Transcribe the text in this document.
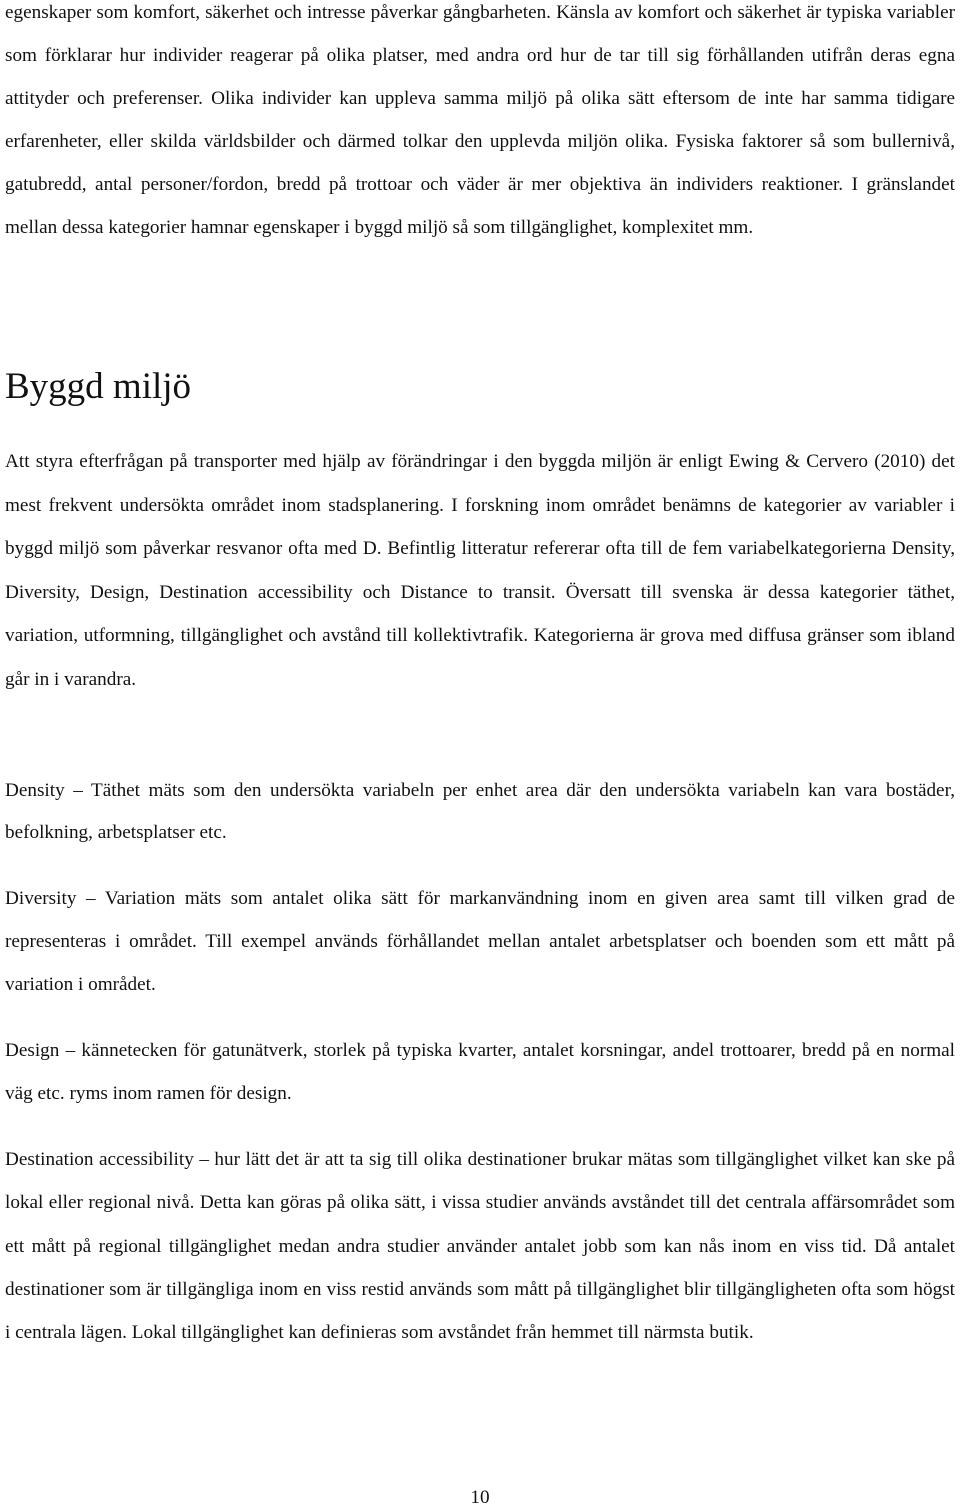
egenskaper som komfort, säkerhet och intresse påverkar gångbarheten. Känsla av komfort och säkerhet är typiska variabler som förklarar hur individer reagerar på olika platser, med andra ord hur de tar till sig förhållanden utifrån deras egna attityder och preferenser. Olika individer kan uppleva samma miljö på olika sätt eftersom de inte har samma tidigare erfarenheter, eller skilda världsbilder och därmed tolkar den upplevda miljön olika. Fysiska faktorer så som bullernivå, gatubredd, antal personer/fordon, bredd på trottoar och väder är mer objektiva än individers reaktioner. I gränslandet mellan dessa kategorier hamnar egenskaper i byggd miljö så som tillgänglighet, komplexitet mm.

Byggd miljö

Att styra efterfrågan på transporter med hjälp av förändringar i den byggda miljön är enligt Ewing & Cervero (2010) det mest frekvent undersökta området inom stadsplanering. I forskning inom området benämns de kategorier av variabler i byggd miljö som påverkar resvanor ofta med D. Befintlig litteratur refererar ofta till de fem variabelkategorierna Density, Diversity, Design, Destination accessibility och Distance to transit. Översatt till svenska är dessa kategorier täthet, variation, utformning, tillgänglighet och avstånd till kollektivtrafik. Kategorierna är grova med diffusa gränser som ibland går in i varandra.

Density – Täthet mäts som den undersökta variabeln per enhet area där den undersökta variabeln kan vara bostäder, befolkning, arbetsplatser etc.

Diversity – Variation mäts som antalet olika sätt för markanvändning inom en given area samt till vilken grad de representeras i området. Till exempel används förhållandet mellan antalet arbetsplatser och boenden som ett mått på variation i området.

Design – kännetecken för gatunätverk, storlek på typiska kvarter, antalet korsningar, andel trottoarer, bredd på en normal väg etc. ryms inom ramen för design.

Destination accessibility – hur lätt det är att ta sig till olika destinationer brukar mätas som tillgänglighet vilket kan ske på lokal eller regional nivå. Detta kan göras på olika sätt, i vissa studier används avståndet till det centrala affärsområdet som ett mått på regional tillgänglighet medan andra studier använder antalet jobb som kan nås inom en viss tid. Då antalet destinationer som är tillgängliga inom en viss restid används som mått på tillgänglighet blir tillgängligheten ofta som högst i centrala lägen. Lokal tillgänglighet kan definieras som avståndet från hemmet till närmsta butik.

10
